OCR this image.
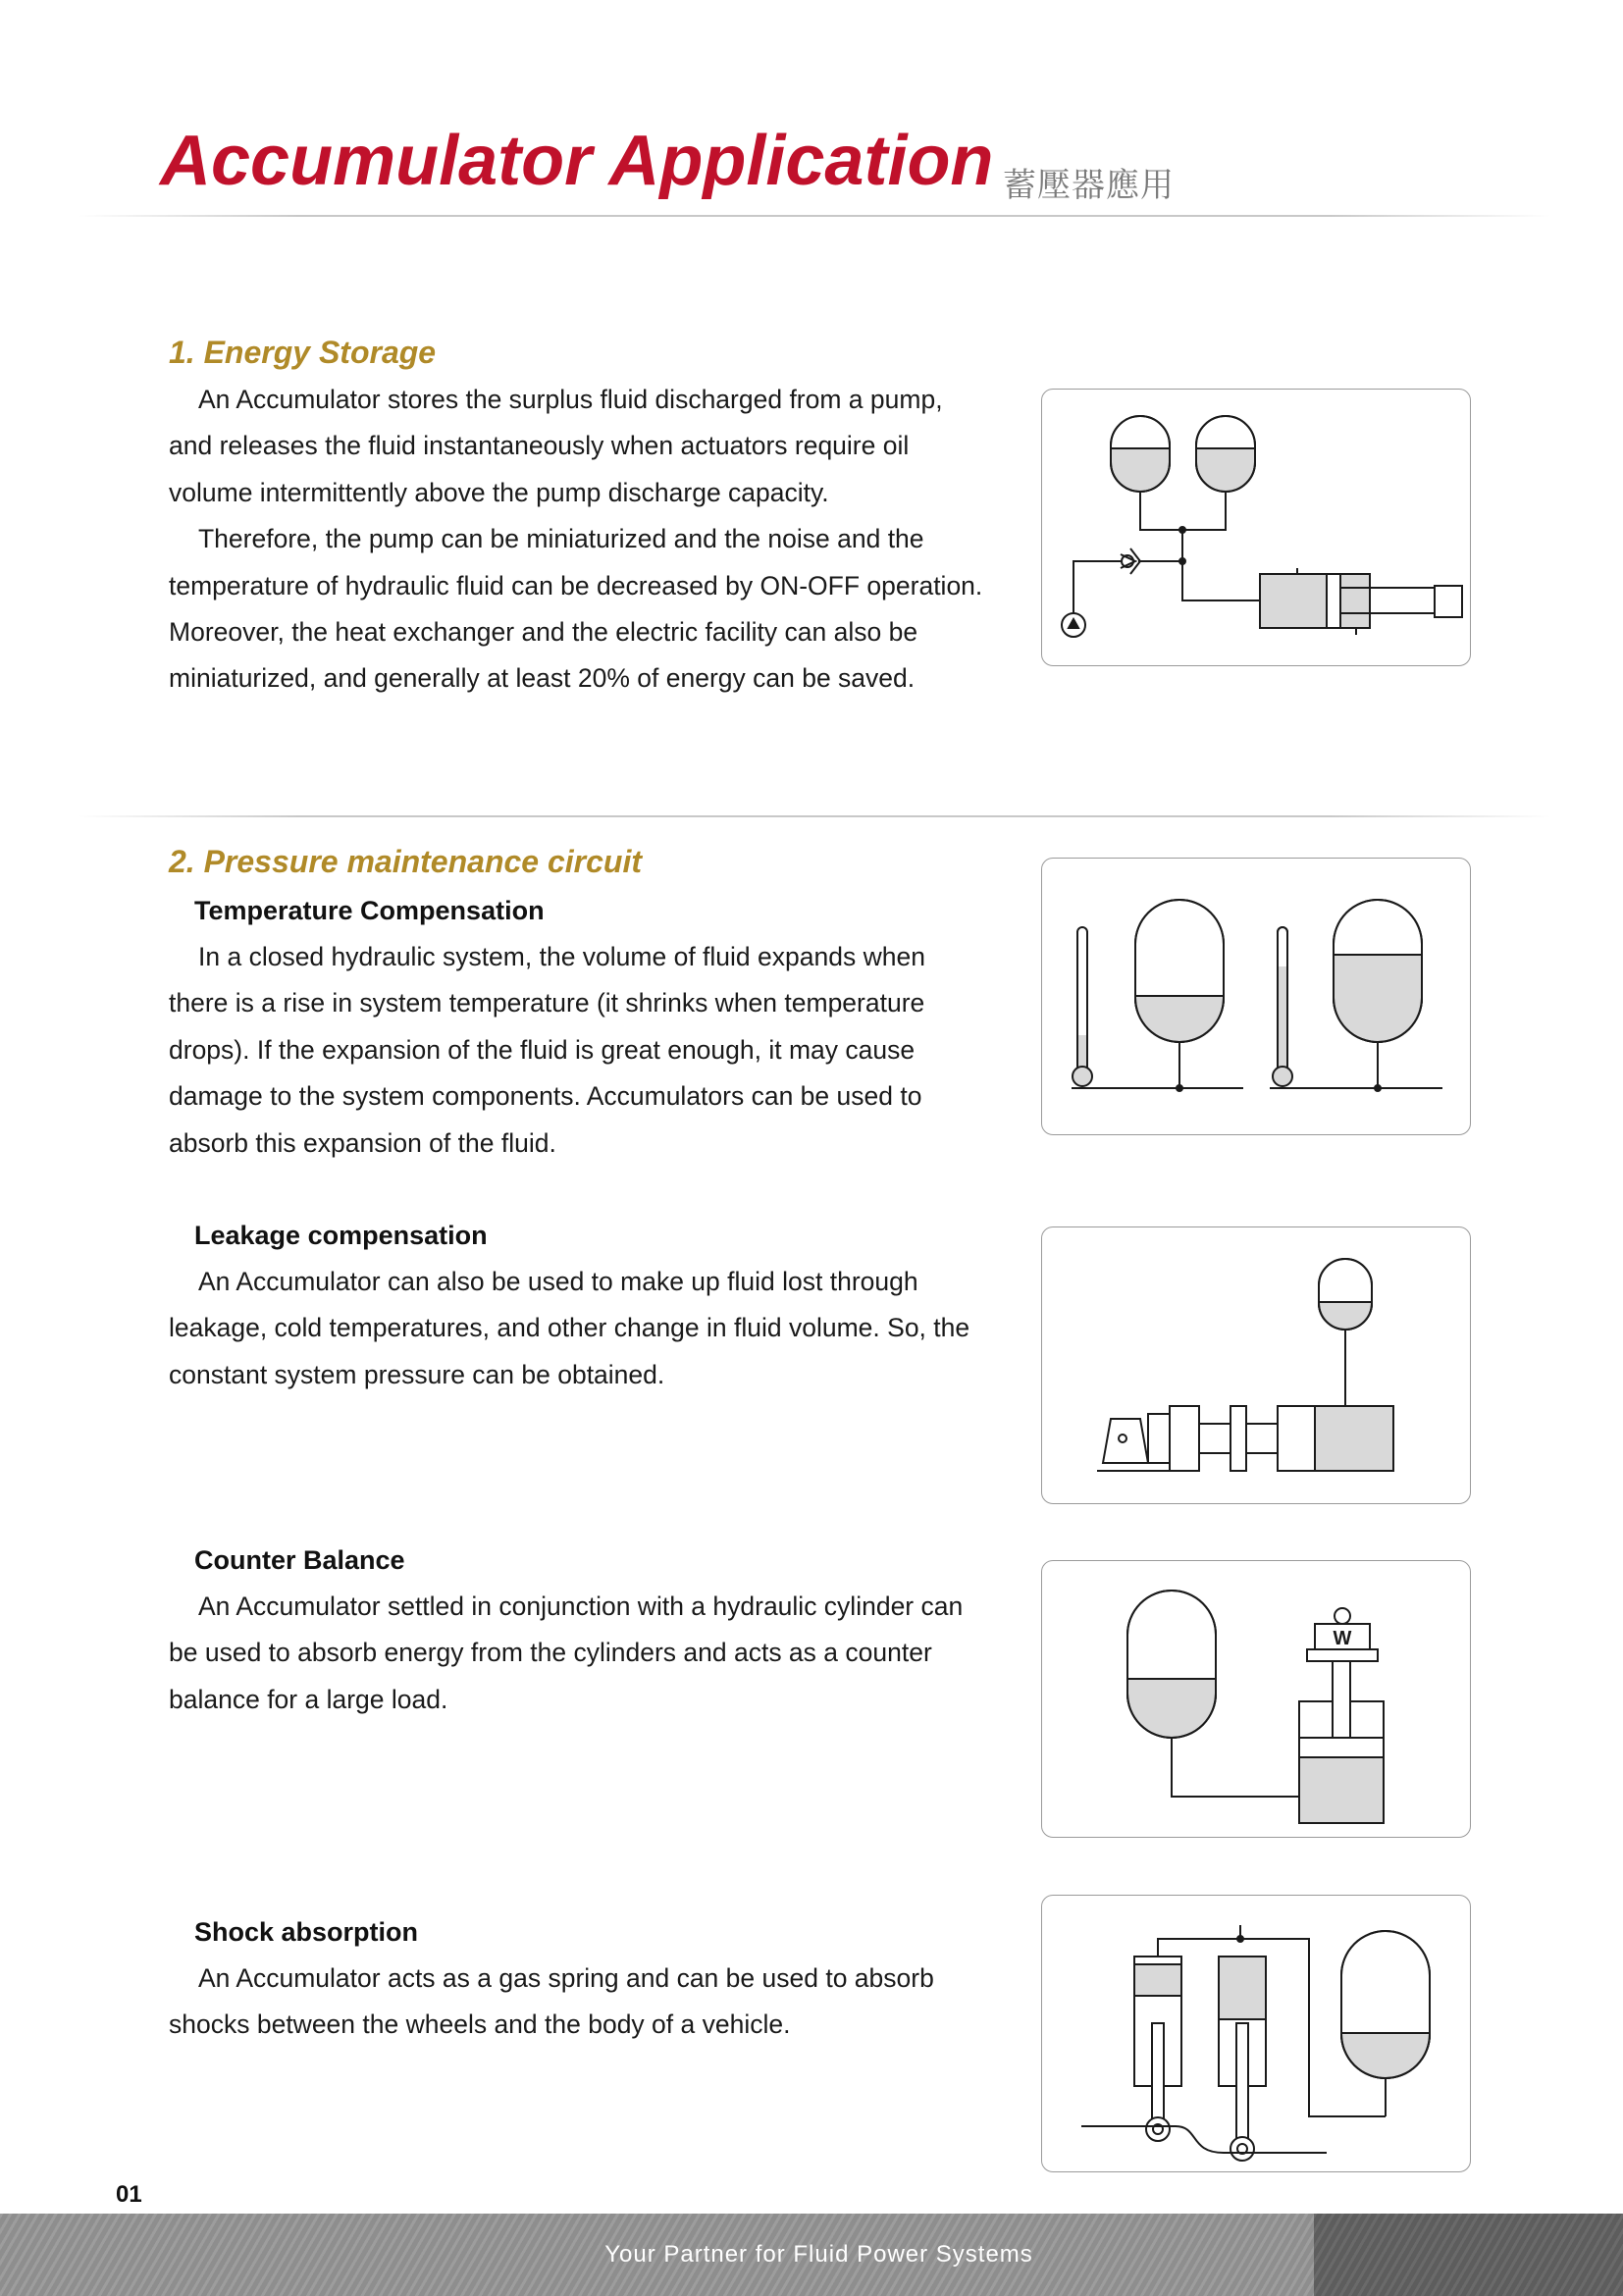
Accumulator Application 蓄壓器應用
1. Energy Storage

An Accumulator stores the surplus fluid discharged from a pump, and releases the fluid instantaneously when actuators require oil volume intermittently above the pump discharge capacity.

Therefore, the pump can be miniaturized and the noise and the temperature of hydraulic fluid can be decreased by ON-OFF operation. Moreover, the heat exchanger and the electric facility can also be miniaturized, and generally at least 20% of energy can be saved.

2. Pressure maintenance circuit
Temperature Compensation

In a closed hydraulic system, the volume of fluid expands when there is a rise in system temperature (it shrinks when temperature drops). If the expansion of the fluid is great enough, it may cause damage to the system components. Accumulators can be used to absorb this expansion of the fluid.

Leakage compensation

An Accumulator can also be used to make up fluid lost through leakage, cold temperatures, and other change in fluid volume. So, the constant system pressure can be obtained.

Counter Balance

An Accumulator settled in conjunction with a hydraulic cylinder can be used to absorb energy from the cylinders and acts as a counter balance for a large load.

W
Shock absorption

An Accumulator acts as a gas spring and can be used to absorb shocks between the wheels and the body of a vehicle.

01
Your Partner for Fluid Power Systems
